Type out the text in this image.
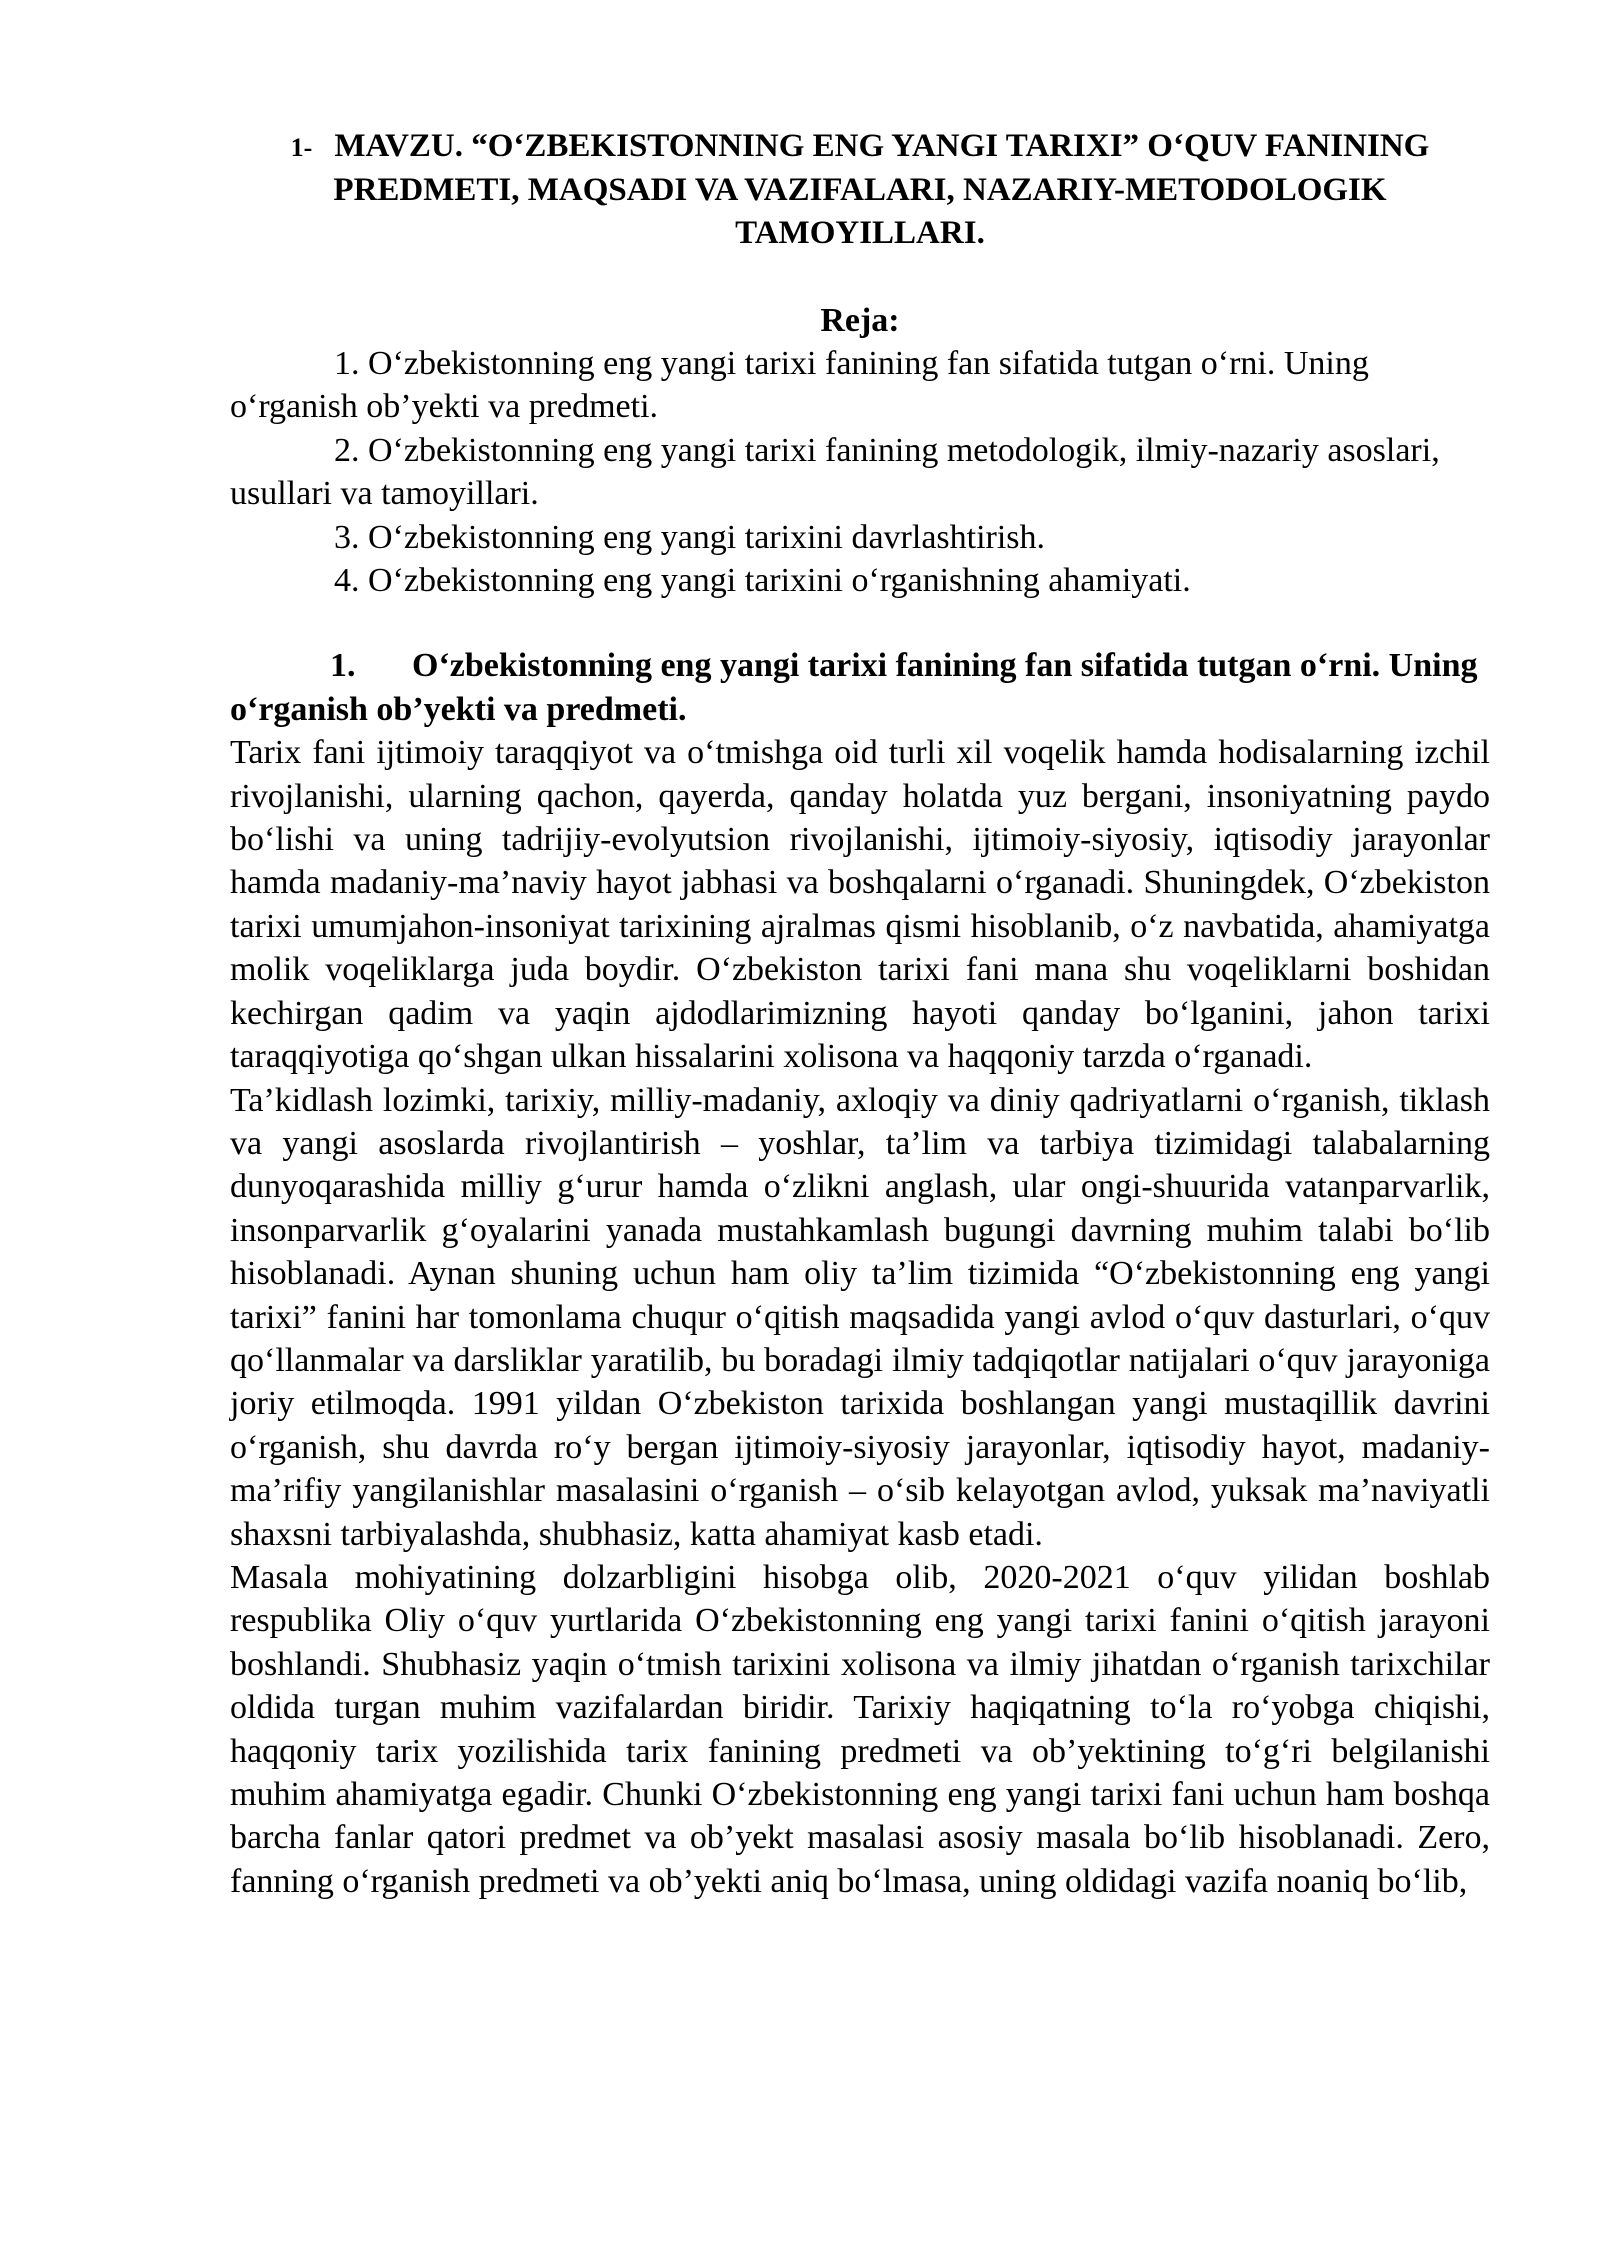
1- MAVZU. “O‘ZBEKISTONNING ENG YANGI TARIXI” O‘QUV FANINING PREDMETI, MAQSADI VA VAZIFALARI, NAZARIY-METODOLOGIK TAMOYILLARI.
Reja:
1. O‘zbekistonning eng yangi tarixi fanining fan sifatida tutgan o‘rni. Uning o‘rganish ob’yekti va predmeti.
2. O‘zbekistonning eng yangi tarixi fanining metodologik, ilmiy-nazariy asoslari, usullari va tamoyillari.
3. O‘zbekistonning eng yangi tarixini davrlashtirish.
4. O‘zbekistonning eng yangi tarixini o‘rganishning ahamiyati.
1. O‘zbekistonning eng yangi tarixi fanining fan sifatida tutgan o‘rni. Uning o‘rganish ob’yekti va predmeti.

Tarix fani ijtimoiy taraqqiyot va o‘tmishga oid turli xil voqelik hamda hodisalarning izchil rivojlanishi, ularning qachon, qayerda, qanday holatda yuz bergani, insoniyatning paydo bo‘lishi va uning tadrijiy-evolyutsion rivojlanishi, ijtimoiy-siyosiy, iqtisodiy jarayonlar hamda madaniy-ma’naviy hayot jabhasi va boshqalarni o‘rganadi. Shuningdek, O‘zbekiston tarixi umumjahon-insoniyat tarixining ajralmas qismi hisoblanib, o‘z navbatida, ahamiyatga molik voqeliklarga juda boydir. O‘zbekiston tarixi fani mana shu voqeliklarni boshidan kechirgan qadim va yaqin ajdodlarimizning hayoti qanday bo‘lganini, jahon tarixi taraqqiyotiga qo‘shgan ulkan hissalarini xolisona va haqqoniy tarzda o‘rganadi.

Ta’kidlash lozimki, tarixiy, milliy-madaniy, axloqiy va diniy qadriyatlarni o‘rganish, tiklash va yangi asoslarda rivojlantirish – yoshlar, ta’lim va tarbiya tizimidagi talabalarning dunyoqarashida milliy g‘urur hamda o‘zlikni anglash, ular ongi-shuurida vatanparvarlik, insonparvarlik g‘oyalarini yanada mustahkamlash bugungi davrning muhim talabi bo‘lib hisoblanadi. Aynan shuning uchun ham oliy ta’lim tizimida “O‘zbekistonning eng yangi tarixi” fanini har tomonlama chuqur o‘qitish maqsadida yangi avlod o‘quv dasturlari, o‘quv qo‘llanmalar va darsliklar yaratilib, bu boradagi ilmiy tadqiqotlar natijalari o‘quv jarayoniga joriy etilmoqda. 1991 yildan O‘zbekiston tarixida boshlangan yangi mustaqillik davrini o‘rganish, shu davrda ro‘y bergan ijtimoiy-siyosiy jarayonlar, iqtisodiy hayot, madaniy-ma’rifiy yangilanishlar masalasini o‘rganish – o‘sib kelayotgan avlod, yuksak ma’naviyatli shaxsni tarbiyalashda, shubhasiz, katta ahamiyat kasb etadi.

Masala mohiyatining dolzarbligini hisobga olib, 2020-2021 o‘quv yilidan boshlab respublika Oliy o‘quv yurtlarida O‘zbekistonning eng yangi tarixi fanini o‘qitish jarayoni boshlandi. Shubhasiz yaqin o‘tmish tarixini xolisona va ilmiy jihatdan o‘rganish tarixchilar oldida turgan muhim vazifalardan biridir. Tarixiy haqiqatning to‘la ro‘yobga chiqishi, haqqoniy tarix yozilishida tarix fanining predmeti va ob’yektining to‘g‘ri belgilanishi muhim ahamiyatga egadir. Chunki O‘zbekistonning eng yangi tarixi fani uchun ham boshqa barcha fanlar qatori predmet va ob’yekt masalasi asosiy masala bo‘lib hisoblanadi. Zero, fanning o‘rganish predmeti va ob’yekti aniq bo‘lmasa, uning oldidagi vazifa noaniq bo‘lib,
